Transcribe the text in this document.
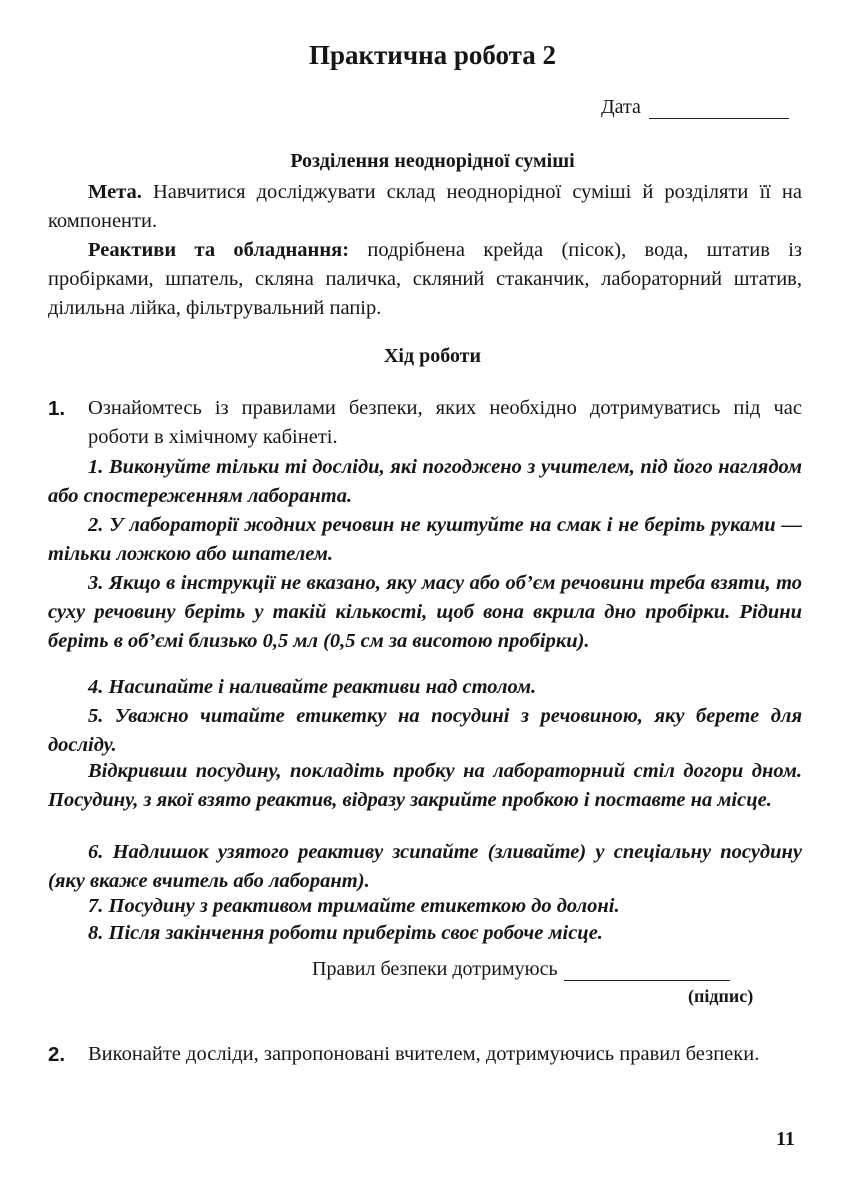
Практична робота 2
Дата
Розділення неоднорідної суміші

Мета. Навчитися досліджувати склад неоднорідної суміші й розділяти її на компоненти.

Реактиви та обладнання: подрібнена крейда (пісок), вода, штатив із пробірками, шпатель, скляна паличка, скляний стаканчик, лабораторний штатив, ділильна лійка, фільтрувальний папір.

Хід роботи
1. Ознайомтесь із правилами безпеки, яких необхідно дотримуватись під час роботи в хімічному кабінеті.

1. Виконуйте тільки ті досліди, які погоджено з учителем, під його наглядом або спостереженням лаборанта.

2. У лабораторії жодних речовин не куштуйте на смак і не беріть руками — тільки ложкою або шпателем.

3. Якщо в інструкції не вказано, яку масу або об’єм речовини треба взяти, то суху речовину беріть у такій кількості, щоб вона вкрила дно пробірки. Рідини беріть в об’ємі близько 0,5 мл (0,5 см за висотою пробірки).

4. Насипайте і наливайте реактиви над столом.

5. Уважно читайте етикетку на посудині з речовиною, яку берете для досліду.

Відкривши посудину, покладіть пробку на лабораторний стіл догори дном. Посудину, з якої взято реактив, відразу закрийте пробкою і поставте на місце.

6. Надлишок узятого реактиву зсипайте (зливайте) у спеціальну посудину (яку вкаже вчитель або лаборант).

7. Посудину з реактивом тримайте етикеткою до долоні.

8. Після закінчення роботи приберіть своє робоче місце.

Правил безпеки дотримуюсь
(підпис)
2. Виконайте досліди, запропоновані вчителем, дотримуючись правил безпеки.
11
